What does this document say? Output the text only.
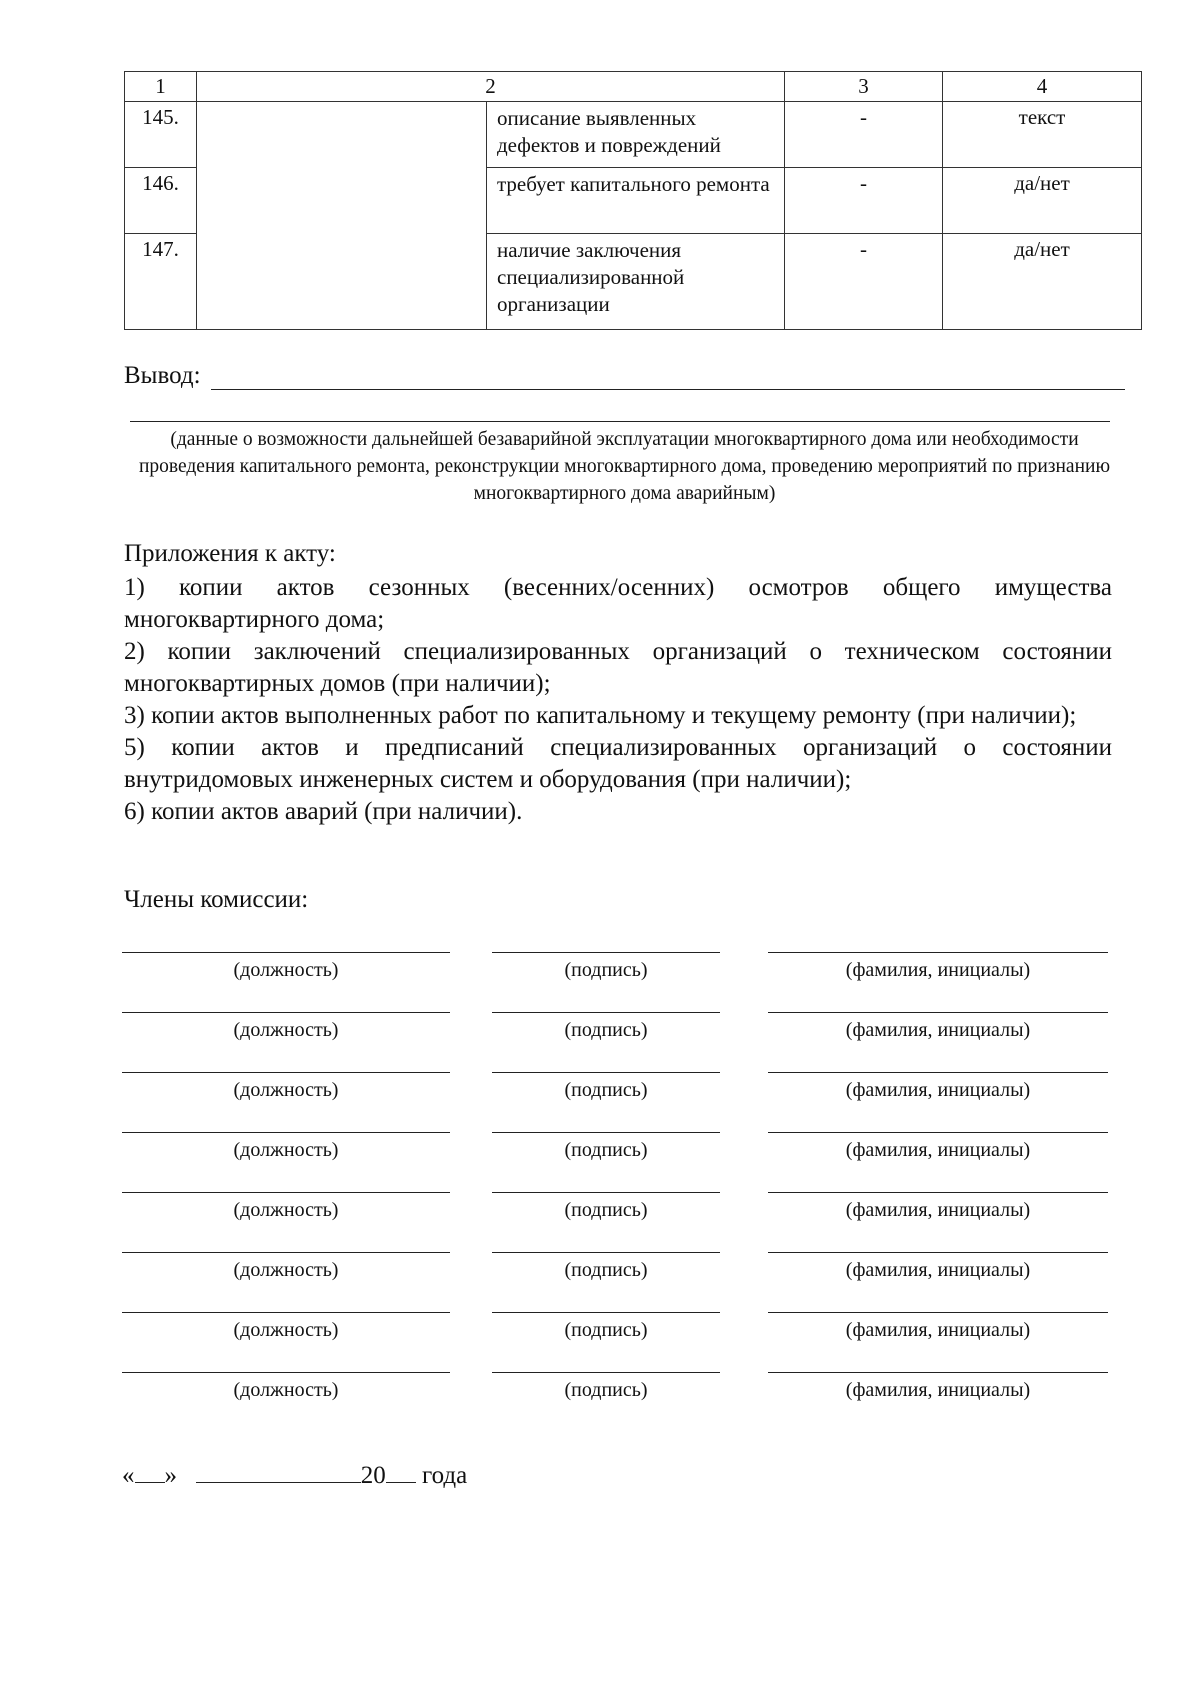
1	2		3	4
145.		описание выявленных дефектов и повреждений	-	текст
146.		требует капитального ремонта	-	да/нет
147.		наличие заключения специализированной организации	-	да/нет
Вывод:
(данные о возможности дальнейшей безаварийной эксплуатации многоквартирного дома или необходимости проведения капитального ремонта, реконструкции многоквартирного дома, проведению мероприятий по признанию многоквартирного дома аварийным)

Приложения к акту:

1) копии актов сезонных (весенних/осенних) осмотров общего имущества многоквартирного дома;

2) копии заключений специализированных организаций о техническом состоянии многоквартирных домов (при наличии);

3) копии актов выполненных работ по капитальному и текущему ремонту (при наличии);

5) копии актов и предписаний специализированных организаций о состоянии внутридомовых инженерных систем и оборудования (при наличии);

6) копии актов аварий (при наличии).

Члены комиссии:
(должность)	(подпись)	(фамилия, инициалы)
(должность)	(подпись)	(фамилия, инициалы)
(должность)	(подпись)	(фамилия, инициалы)
(должность)	(подпись)	(фамилия, инициалы)
(должность)	(подпись)	(фамилия, инициалы)
(должность)	(подпись)	(фамилия, инициалы)
(должность)	(подпись)	(фамилия, инициалы)
(должность)	(подпись)	(фамилия, инициалы)
« »	20 года
